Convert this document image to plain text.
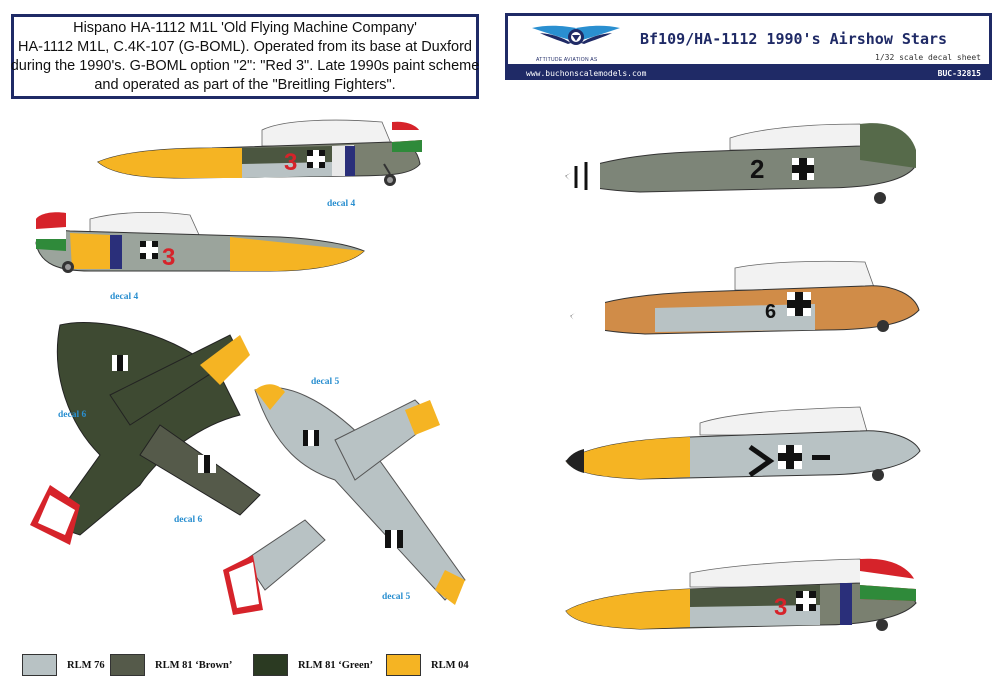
Hispano HA-1112 M1L 'Old Flying Machine Company'
HA-1112 M1L, C.4K-107 (G-BOML). Operated from its base at Duxford
during the 1990's. G-BOML option "2": "Red 3". Late 1990s paint scheme
and operated as part of the "Breitling Fighters".
ATTITUDE AVIATION AS
Bf109/HA-1112 1990's Airshow Stars
1/32 scale decal sheet
www.buchonscalemodels.com	BUC-32815
3
decal 4
3
decal 4
decal 6
decal 6
decal 5
decal 5
2
6
3
RLM 76	RLM 81 ‘Brown’	RLM 81 ‘Green’	RLM 04
